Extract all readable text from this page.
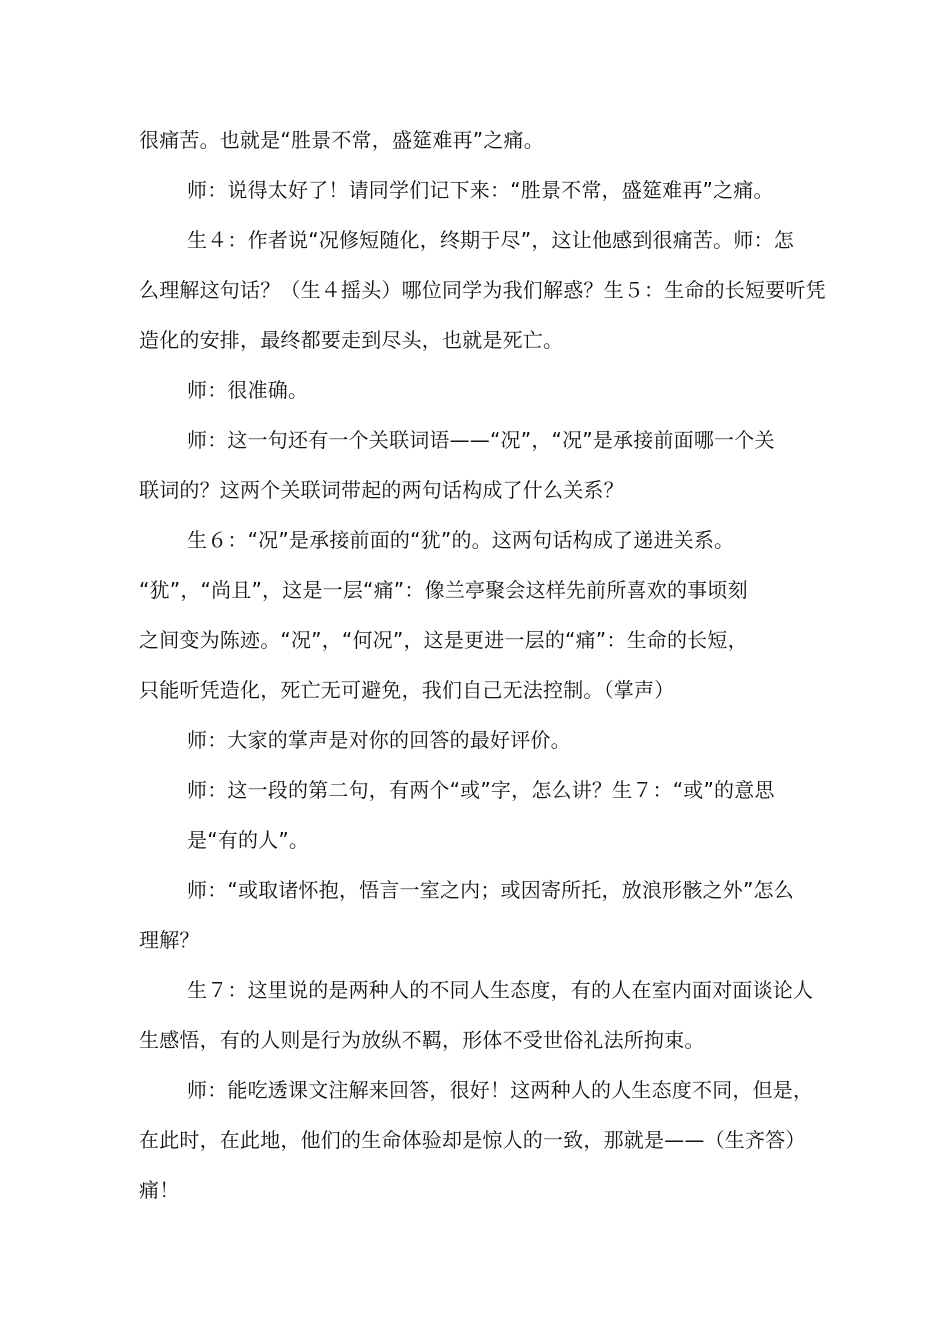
很痛苦。也就是“胜景不常，盛筵难再”之痛。
师：说得太好了！请同学们记下来：“胜景不常，盛筵难再”之痛。
生４：作者说“况修短随化，终期于尽”，这让他感到很痛苦。师：怎
么理解这句话？（生４摇头）哪位同学为我们解惑？生５：生命的长短要听凭
造化的安排，最终都要走到尽头，也就是死亡。
师：很准确。
师：这一句还有一个关联词语——“况”，“况”是承接前面哪一个关
联词的？这两个关联词带起的两句话构成了什么关系？
生６：“况”是承接前面的“犹”的。这两句话构成了递进关系。
“犹”，“尚且”，这是一层“痛”：像兰亭聚会这样先前所喜欢的事顷刻
之间变为陈迹。“况”，“何况”，这是更进一层的“痛”：生命的长短，
只能听凭造化，死亡无可避免，我们自己无法控制。（掌声）
师：大家的掌声是对你的回答的最好评价。
师：这一段的第二句，有两个“或”字，怎么讲？生７：“或”的意思
是“有的人”。
师：“或取诸怀抱，悟言一室之内；或因寄所托，放浪形骸之外”怎么
理解？
生７：这里说的是两种人的不同人生态度，有的人在室内面对面谈论人
生感悟，有的人则是行为放纵不羁，形体不受世俗礼法所拘束。
师：能吃透课文注解来回答，很好！这两种人的人生态度不同，但是，
在此时，在此地，他们的生命体验却是惊人的一致，那就是——（生齐答）
痛！
